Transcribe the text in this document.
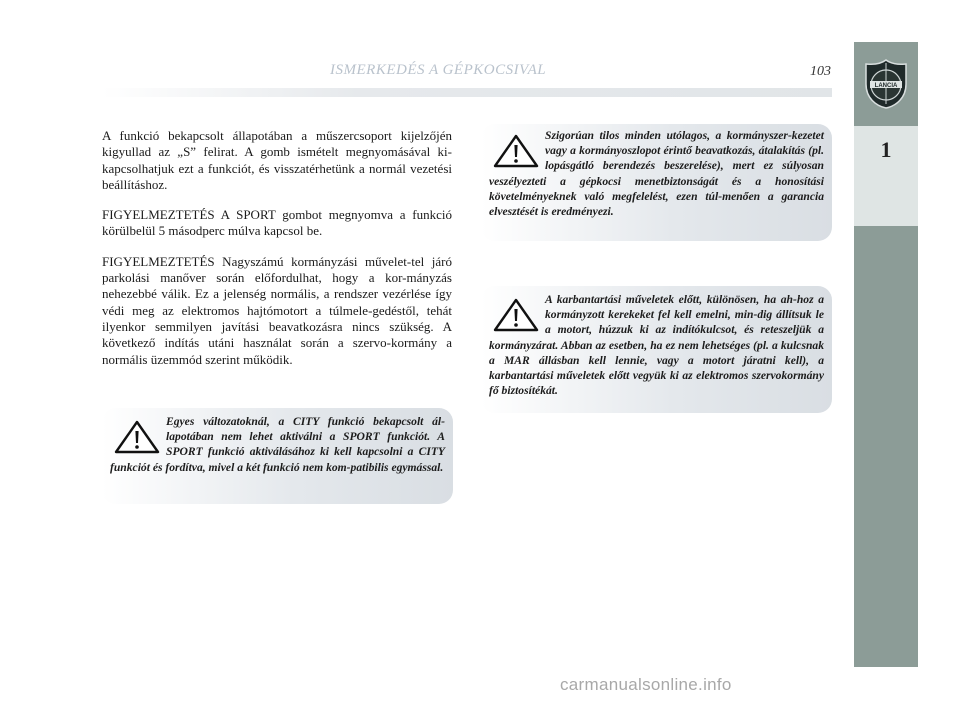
ISMERKEDÉS A GÉPKOCSIVAL	103
1
LANCIA

A funkció bekapcsolt állapotában a műszercsoport kijelzőjén kigyullad az „S” felirat. A gomb ismételt megnyomásával ki-kapcsolhatjuk ezt a funkciót, és visszatérhetünk a normál vezetési beállításhoz.

FIGYELMEZTETÉS A SPORT gombot megnyomva a funkció körülbelül 5 másodperc múlva kapcsol be.

FIGYELMEZTETÉS Nagyszámú kormányzási művelet-tel járó parkolási manőver során előfordulhat, hogy a kor-mányzás nehezebbé válik. Ez a jelenség normális, a rendszer vezérlése így védi meg az elektromos hajtómotort a túlmele-gedéstől, tehát ilyenkor semmilyen javítási beavatkozásra nincs szükség. A következő indítás utáni használat során a szervo-kormány a normális üzemmód szerint működik.

Szigorúan tilos minden utólagos, a kormányszer-kezetet vagy a kormányoszlopot érintő beavatkozás, átalakítás (pl. lopásgátló berendezés beszerelése), mert ez súlyosan veszélyezteti a gépkocsi menetbiztonságát és a honosítási követelményeknek való megfelelést, ezen túl-menően a garancia elvesztését is eredményezi.
A karbantartási műveletek előtt, különösen, ha ah-hoz a kormányzott kerekeket fel kell emelni, min-dig állítsuk le a motort, húzzuk ki az indítókulcsot, és reteszeljük a kormányzárat. Abban az esetben, ha ez nem lehetséges (pl. a kulcsnak a MAR állásban kell lennie, vagy a motort járatni kell), a karbantartási műveletek előtt vegyük ki az elektromos szervokormány fő biztosítékát.
Egyes változatoknál, a CITY funkció bekapcsolt ál-lapotában nem lehet aktiválni a SPORT funkciót. A SPORT funkció aktiválásához ki kell kapcsolni a CITY funkciót és fordítva, mivel a két funkció nem kom-patibilis egymással.
carmanualsonline.info
